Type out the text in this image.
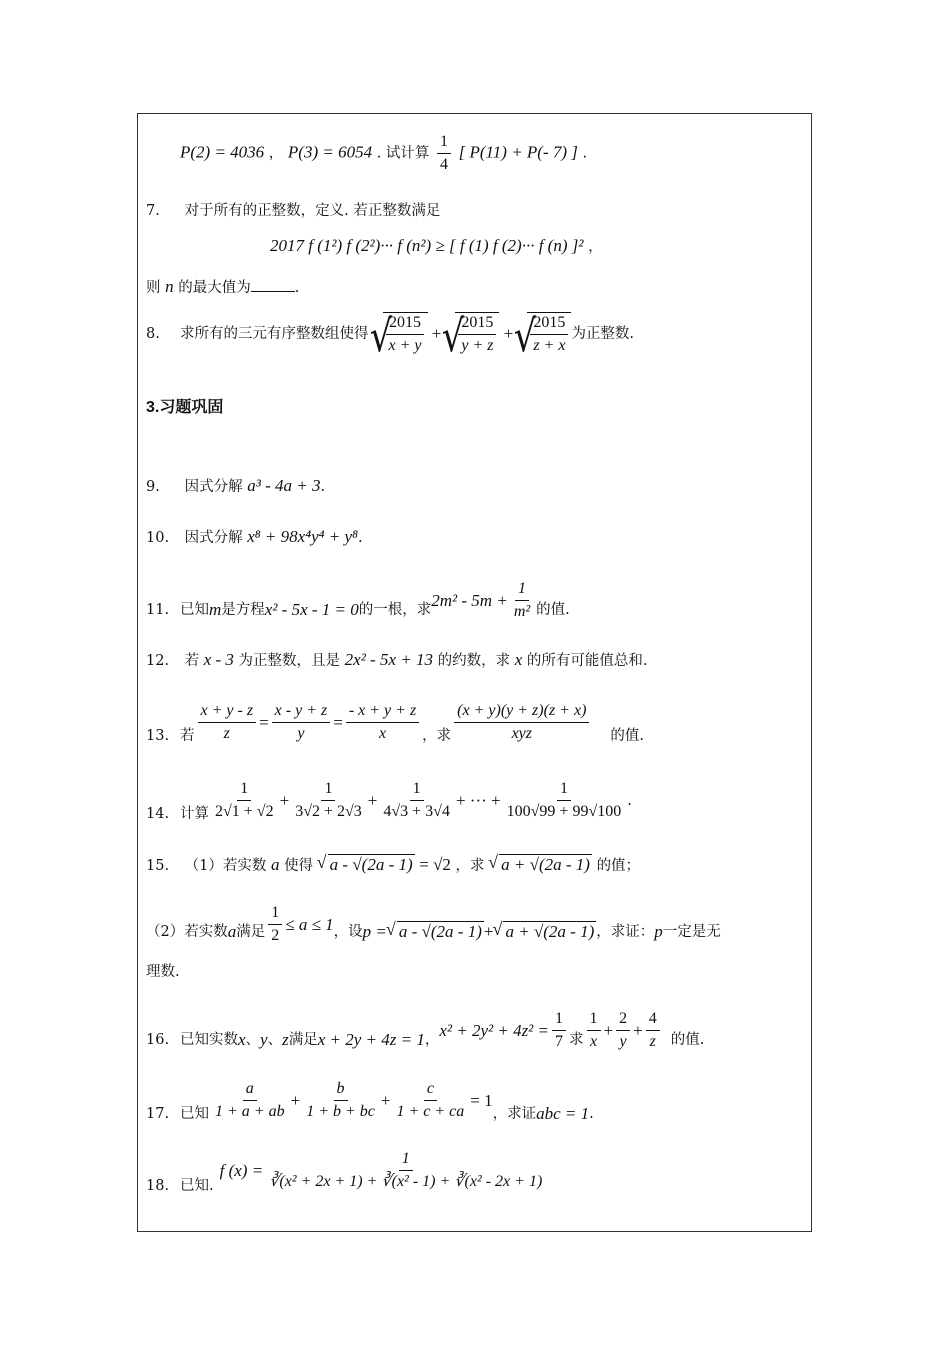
P(2) = 4036 ， P(3) = 6054 . 试计算 $\frac{1}{4}$ [ P(11) + P(- 7) ] .
7. 对于所有的正整数，定义. 若正整数满足
2017 f (1²) f (2²)··· f (n²) ≥ [ f (1) f (2)··· f (n) ]² ，
则 n 的最大值为	.
8.	求所有的三元有序整数组使得 √ $\frac{2015}{x + y}$ + √ $\frac{2015}{y + z}$ + √ $\frac{2015}{z + x}$ 为正整数.
3.习题巩固
9. 因式分解 a³ - 4a + 3.
10. 因式分解 x⁸ + 98x⁴y⁴ + y⁸.
11. 已知 m 是方程 x² - 5x - 1 = 0 的一根，求
$2m^2 - 5m + \frac{1}{\text{m²}}$ 的值.
12. 若 x - 3 为正整数，且是 2x² - 5x + 13 的约数，求 x 的所有可能值总和.
13. 若 $\frac{x + y - z}{z} = \frac{x - y + z}{y} = \frac{- x + y + z}{x}$ ，求 $\frac{(x + y)(y + z)(z + x)}{\text{xyz}}$ 的值.
14. 计算 $\frac{1}{2√1 + √2} + \frac{1}{3√2 + 2√3} + \frac{1}{4√3 + 3√4}$ + ··· + $\frac{1}{100√99 + 99√100}$ .
15. （1）若实数 a 使得 √ a - √(2a - 1) = √2 ，求 √ a + √(2a - 1) 的值；
（2）若实数 a 满足 $\frac{1}{2} \le a \le 1$ ，设 p = √ a - √(2a - 1) + √ a + √(2a - 1) ，求证： p 一定是无
理数.
16. 已知实数 x 、 y 、 z 满足 x + 2y + 4z = 1 ，
$x^2 + 2y^2 + 4z^2 = \frac{1}{7}$ 求 $\frac{1}{x} + \frac{2}{y} + \frac{4}{z}$ 的值.
17. 已知 $\frac{a}{1 + a + ab} + \frac{b}{1 + b + bc} + \frac{c}{1 + c + ca} = 1$
，求证 abc = 1 .
18. 已知.
f $(x) = \frac{1}{\text{∛(x² + 2x + 1) + ∛(x² - 1) + ∛(x² - 2x + 1)}}$
